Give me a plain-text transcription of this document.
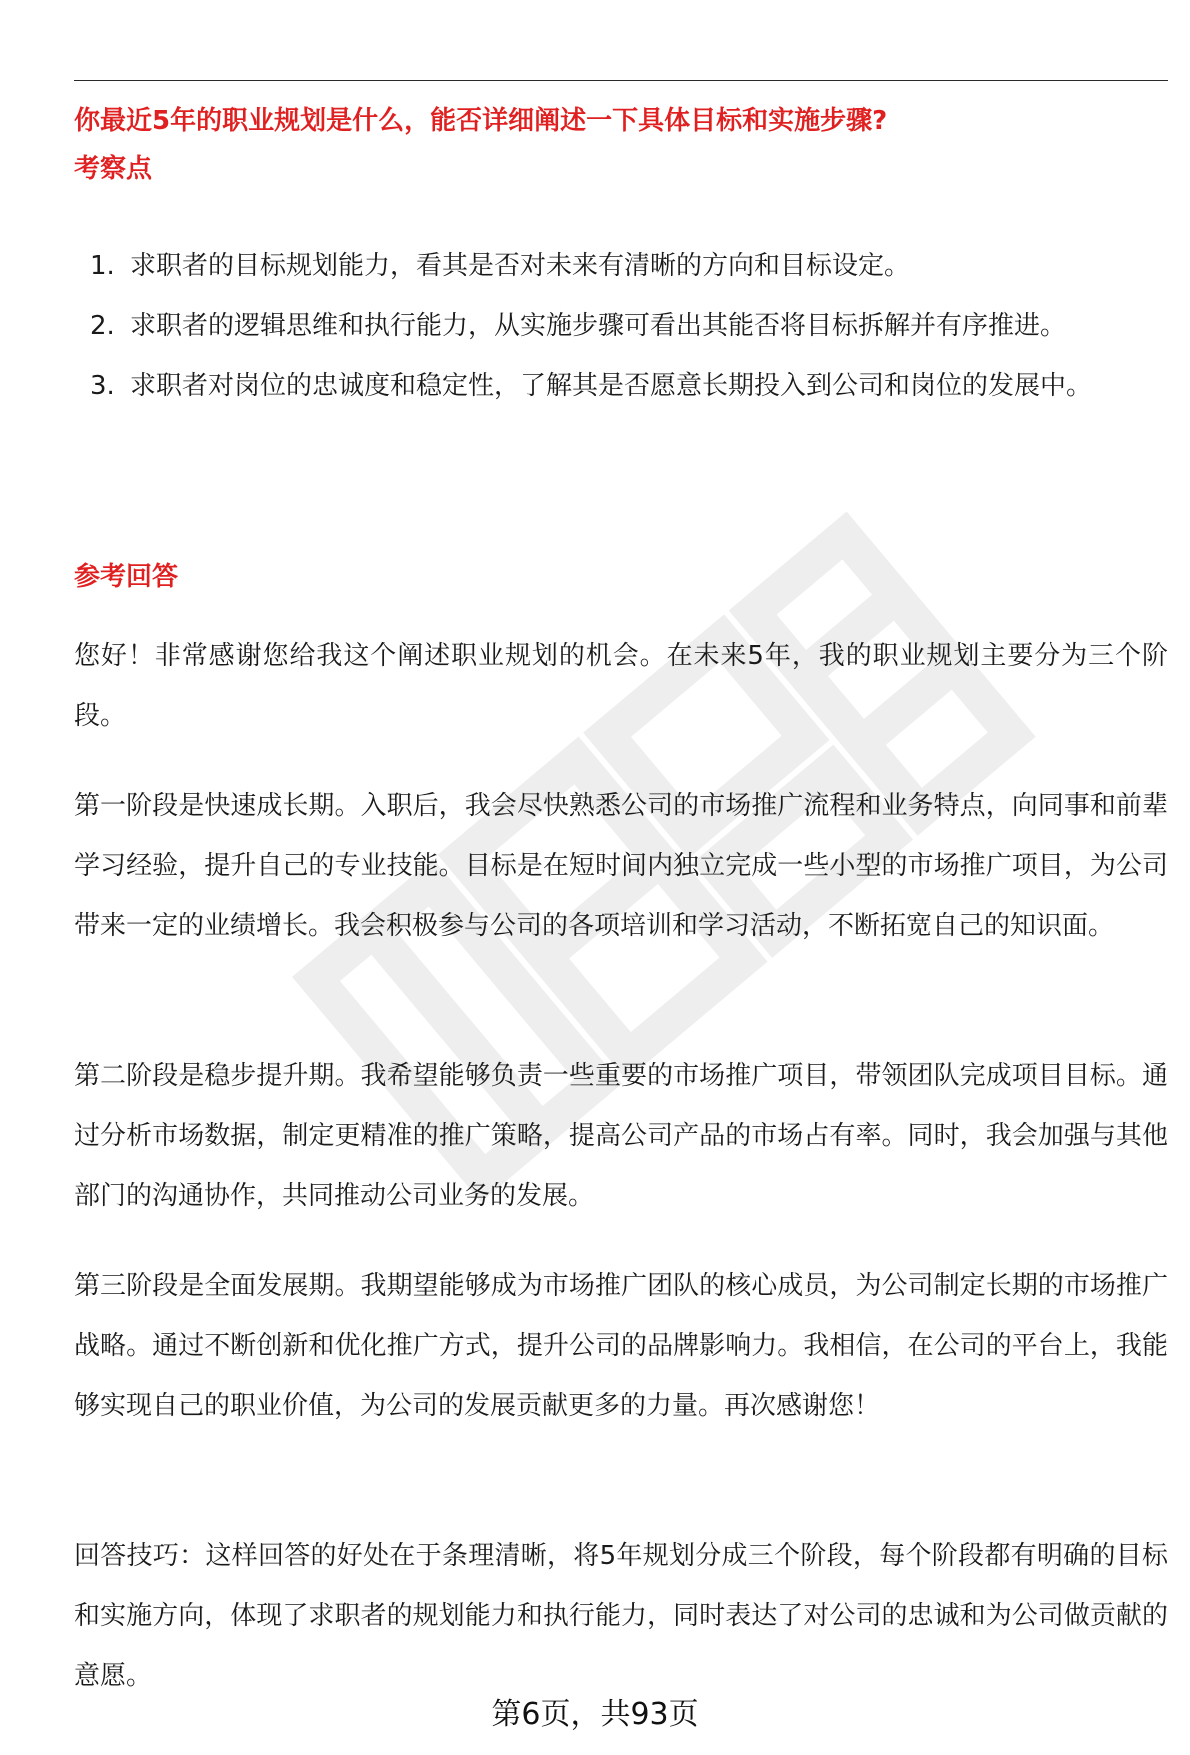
你最近5年的职业规划是什么，能否详细阐述一下具体目标和实施步骤?
考察点
1. 求职者的目标规划能力，看其是否对未来有清晰的方向和目标设定。
2. 求职者的逻辑思维和执行能力，从实施步骤可看出其能否将目标拆解并有序推进。
3. 求职者对岗位的忠诚度和稳定性，了解其是否愿意长期投入到公司和岗位的发展中。
参考回答

您好！非常感谢您给我这个阐述职业规划的机会。在未来5年，我的职业规划主要分为三个阶段。

第一阶段是快速成长期。入职后，我会尽快熟悉公司的市场推广流程和业务特点，向同事和前辈学习经验，提升自己的专业技能。目标是在短时间内独立完成一些小型的市场推广项目，为公司带来一定的业绩增长。我会积极参与公司的各项培训和学习活动，不断拓宽自己的知识面。

第二阶段是稳步提升期。我希望能够负责一些重要的市场推广项目，带领团队完成项目目标。通过分析市场数据，制定更精准的推广策略，提高公司产品的市场占有率。同时，我会加强与其他部门的沟通协作，共同推动公司业务的发展。

第三阶段是全面发展期。我期望能够成为市场推广团队的核心成员，为公司制定长期的市场推广战略。通过不断创新和优化推广方式，提升公司的品牌影响力。我相信，在公司的平台上，我能够实现自己的职业价值，为公司的发展贡献更多的力量。再次感谢您！

回答技巧：这样回答的好处在于条理清晰，将5年规划分成三个阶段，每个阶段都有明确的目标和实施方向，体现了求职者的规划能力和执行能力，同时表达了对公司的忠诚和为公司做贡献的意愿。

第6页，共93页
